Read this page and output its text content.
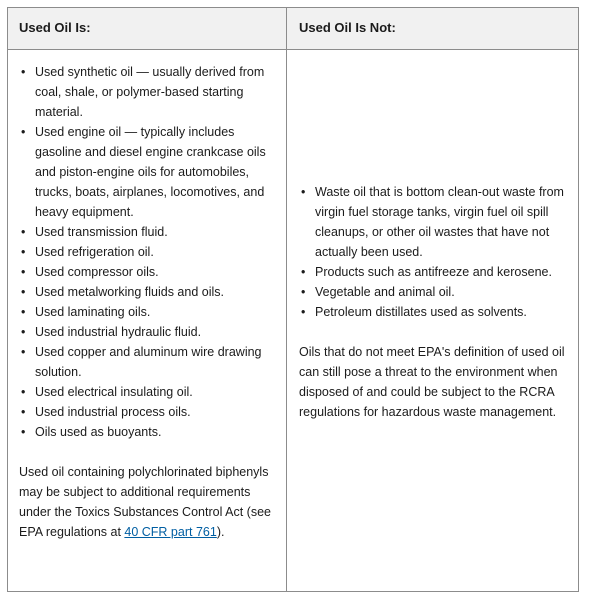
Used Oil Is:	Used Oil Is Not:
• Used synthetic oil — usually derived from coal, shale, or polymer-based starting material.
• Used engine oil — typically includes gasoline and diesel engine crankcase oils and piston-engine oils for automobiles, trucks, boats, airplanes, locomotives, and heavy equipment.
• Used transmission fluid.
• Used refrigeration oil.
• Used compressor oils.
• Used metalworking fluids and oils.
• Used laminating oils.
• Used industrial hydraulic fluid.
• Used copper and aluminum wire drawing solution.
• Used electrical insulating oil.
• Used industrial process oils.
• Oils used as buoyants.

Used oil containing polychlorinated biphenyls may be subject to additional requirements under the Toxics Substances Control Act (see EPA regulations at 40 CFR part 761).

• Waste oil that is bottom clean-out waste from virgin fuel storage tanks, virgin fuel oil spill cleanups, or other oil wastes that have not actually been used.
• Products such as antifreeze and kerosene.
• Vegetable and animal oil.
• Petroleum distillates used as solvents.

Oils that do not meet EPA's definition of used oil can still pose a threat to the environment when disposed of and could be subject to the RCRA regulations for hazardous waste management.
